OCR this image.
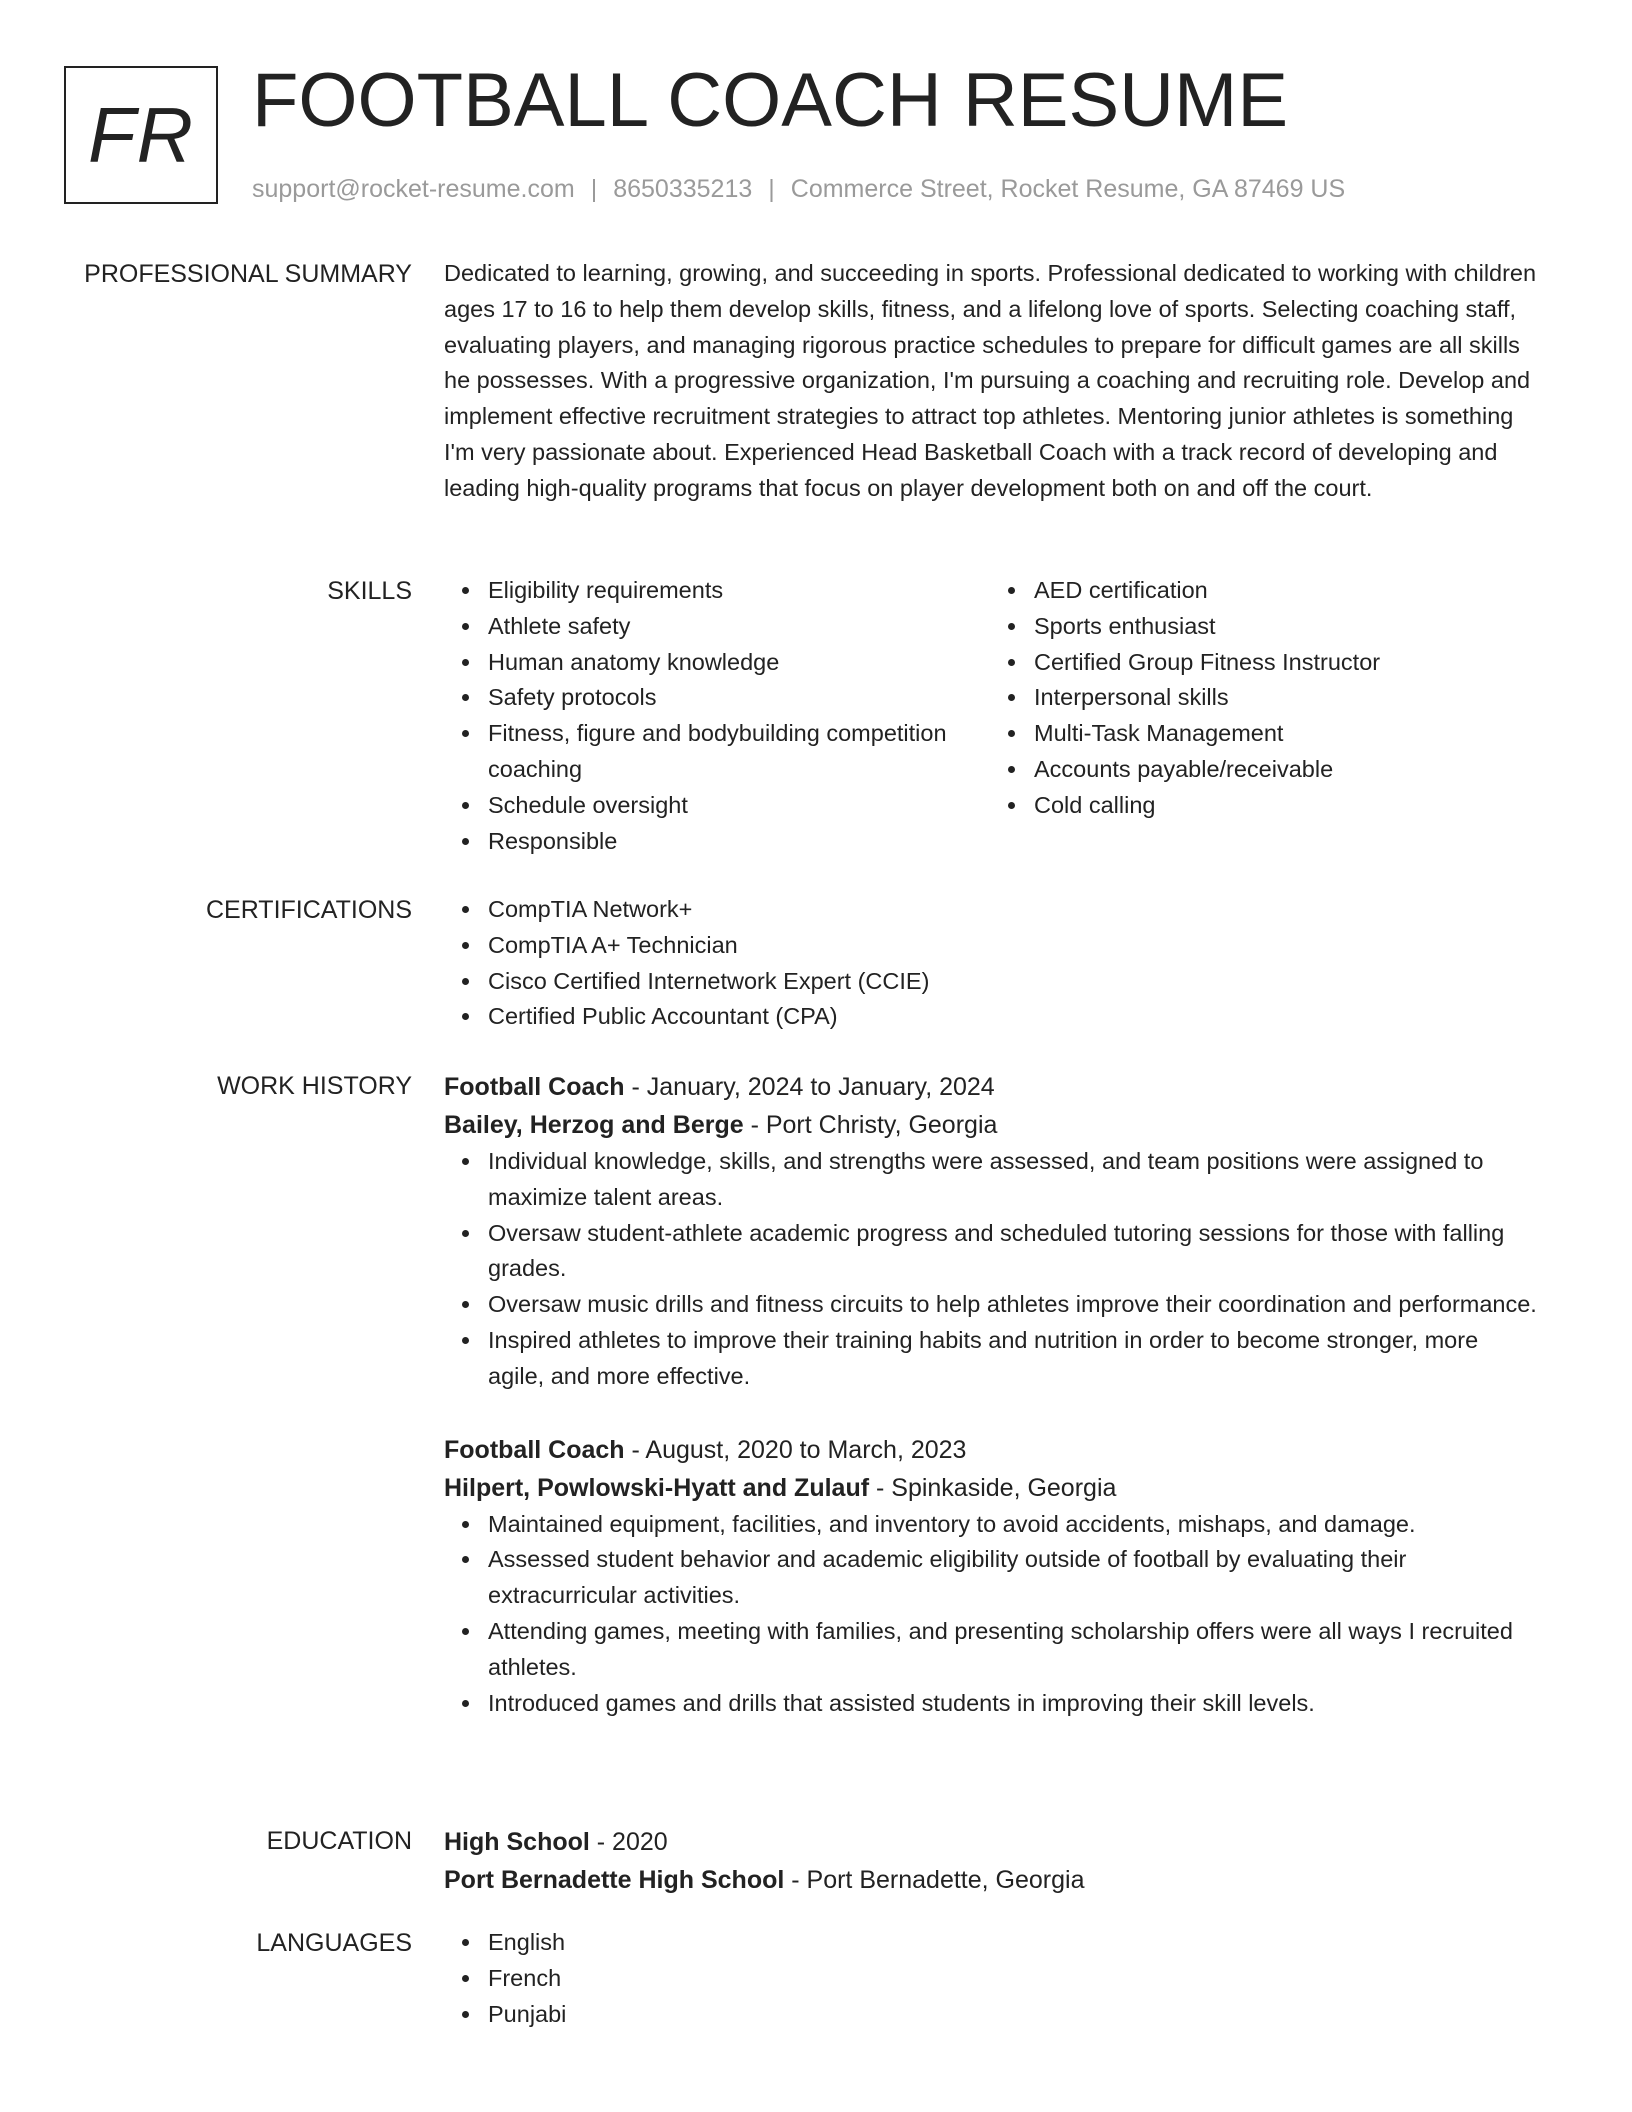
FR FOOTBALL COACH RESUME
support@rocket-resume.com | 8650335213 | Commerce Street, Rocket Resume, GA 87469 US
PROFESSIONAL SUMMARY Dedicated to learning, growing, and succeeding in sports. Professional dedicated to working with children ages 17 to 16 to help them develop skills, fitness, and a lifelong love of sports. Selecting coaching staff, evaluating players, and managing rigorous practice schedules to prepare for difficult games are all skills he possesses. With a progressive organization, I'm pursuing a coaching and recruiting role. Develop and implement effective recruitment strategies to attract top athletes. Mentoring junior athletes is something I'm very passionate about. Experienced Head Basketball Coach with a track record of developing and leading high-quality programs that focus on player development both on and off the court.
SKILLS	Eligibility requirements
Athlete safety
Human anatomy knowledge
Safety protocols
Fitness, figure and bodybuilding competition coaching
Schedule oversight
Responsible
AED certification
Sports enthusiast
Certified Group Fitness Instructor
Interpersonal skills
Multi-Task Management
Accounts payable/receivable
Cold calling
CERTIFICATIONS	CompTIA Network+
CompTIA A+ Technician
Cisco Certified Internetwork Expert (CCIE)
Certified Public Accountant (CPA)
WORK HISTORY Football Coach - January, 2024 to January, 2024
Bailey, Herzog and Berge - Port Christy, Georgia
Individual knowledge, skills, and strengths were assessed, and team positions were assigned to maximize talent areas.
Oversaw student-athlete academic progress and scheduled tutoring sessions for those with falling grades.
Oversaw music drills and fitness circuits to help athletes improve their coordination and performance.
Inspired athletes to improve their training habits and nutrition in order to become stronger, more agile, and more effective.
Football Coach - August, 2020 to March, 2023
Hilpert, Powlowski-Hyatt and Zulauf - Spinkaside, Georgia
Maintained equipment, facilities, and inventory to avoid accidents, mishaps, and damage.
Assessed student behavior and academic eligibility outside of football by evaluating their extracurricular activities.
Attending games, meeting with families, and presenting scholarship offers were all ways I recruited athletes.
Introduced games and drills that assisted students in improving their skill levels.
EDUCATION High School - 2020
Port Bernadette High School - Port Bernadette, Georgia
LANGUAGES	English
French
Punjabi
